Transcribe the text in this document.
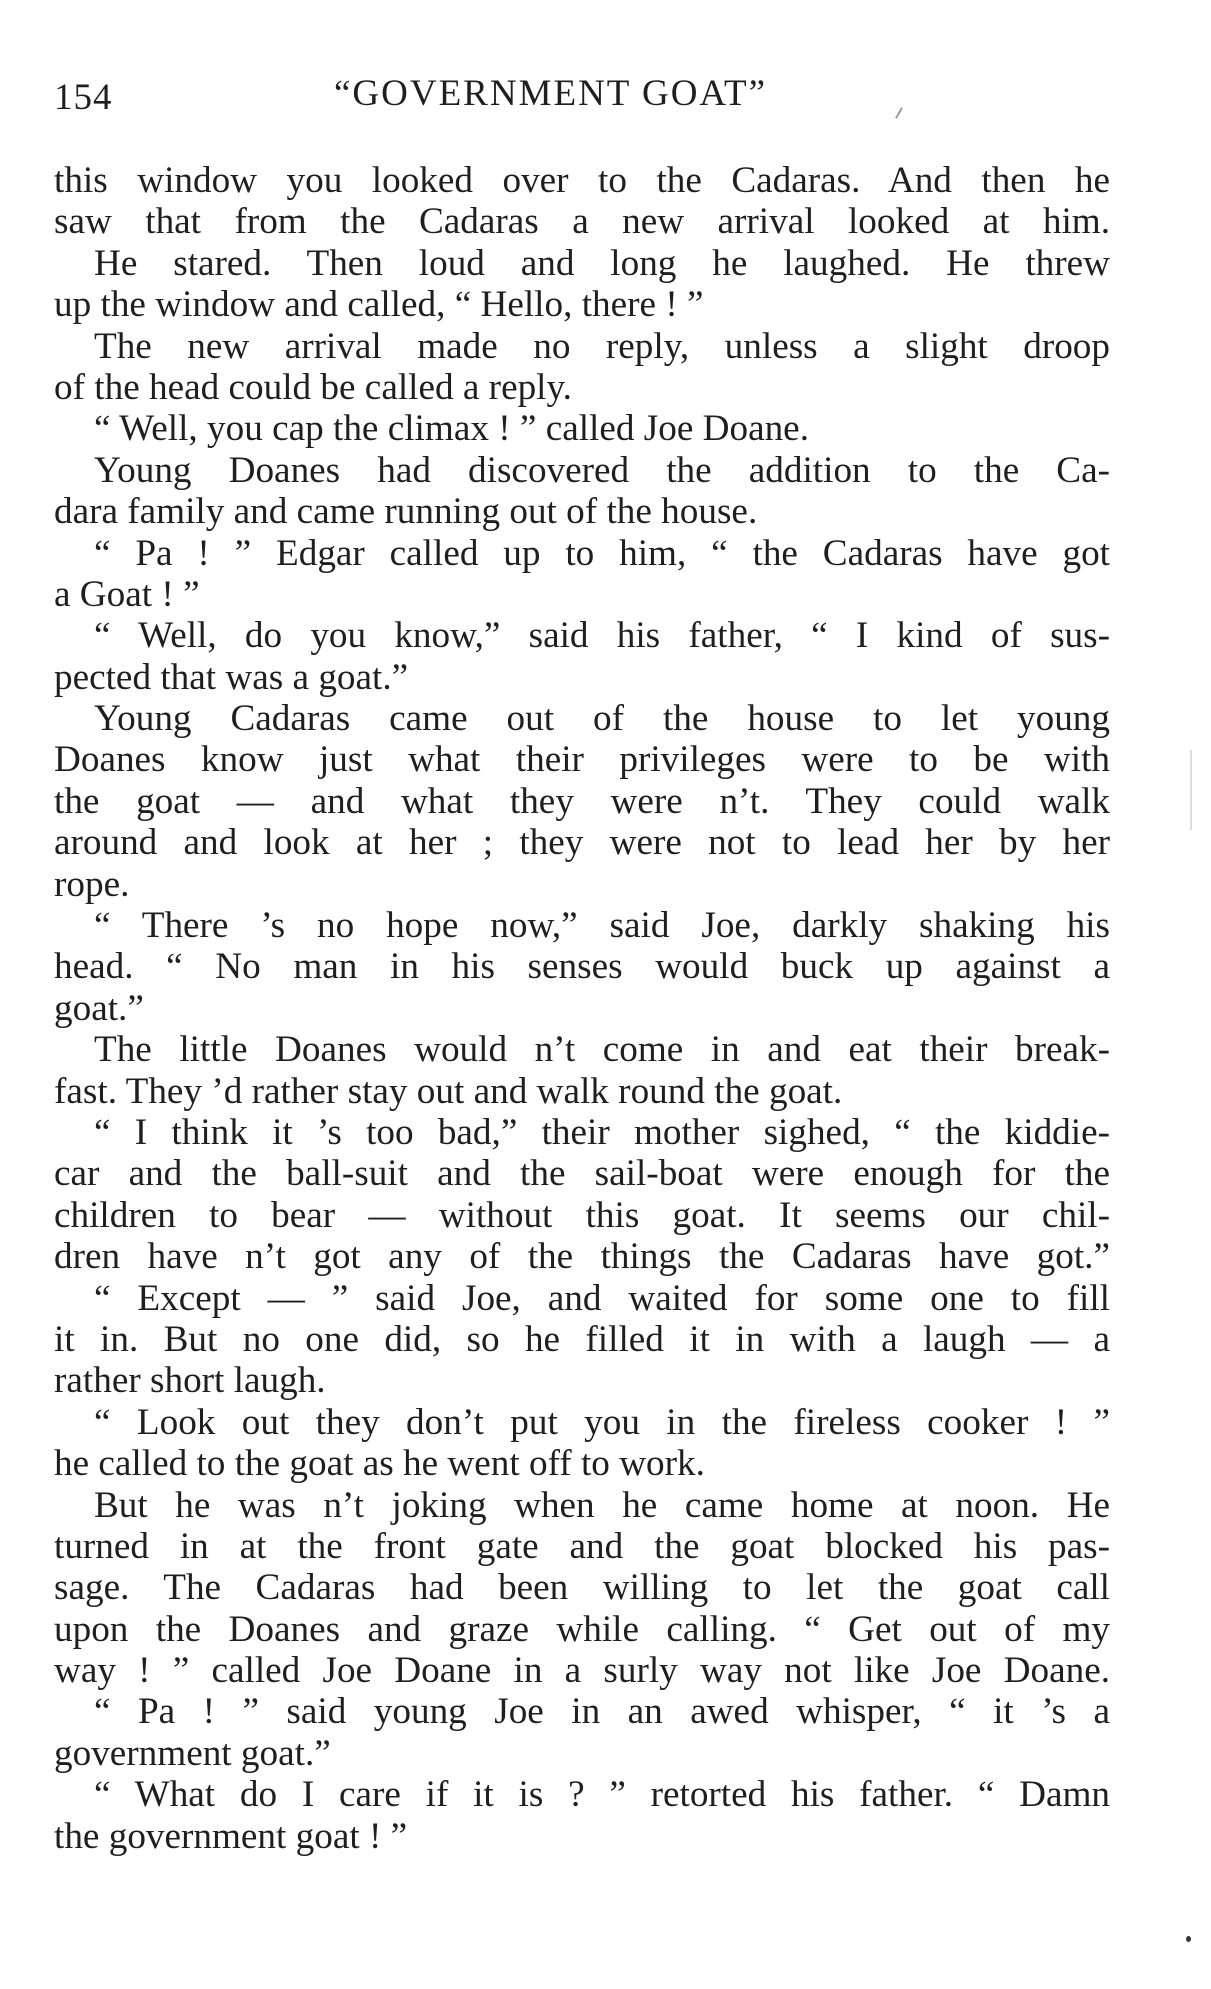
154	“GOVERNMENT GOAT”
this window you looked over to the Cadaras. And then he
saw that from the Cadaras a new arrival looked at him.
He stared. Then loud and long he laughed. He threw
up the window and called, “ Hello, there ! ”
The new arrival made no reply, unless a slight droop
of the head could be called a reply.
“ Well, you cap the climax ! ” called Joe Doane.
Young Doanes had discovered the addition to the Ca-
dara family and came running out of the house.
“ Pa ! ” Edgar called up to him, “ the Cadaras have got
a Goat ! ”
“ Well, do you know,” said his father, “ I kind of sus-
pected that was a goat.”
Young Cadaras came out of the house to let young
Doanes know just what their privileges were to be with
the goat — and what they were n’t. They could walk
around and look at her ; they were not to lead her by her
rope.
“ There ’s no hope now,” said Joe, darkly shaking his
head. “ No man in his senses would buck up against a
goat.”
The little Doanes would n’t come in and eat their break-
fast. They ’d rather stay out and walk round the goat.
“ I think it ’s too bad,” their mother sighed, “ the kiddie-
car and the ball-suit and the sail-boat were enough for the
children to bear — without this goat. It seems our chil-
dren have n’t got any of the things the Cadaras have got.”
“ Except — ” said Joe, and waited for some one to fill
it in. But no one did, so he filled it in with a laugh — a
rather short laugh.
“ Look out they don’t put you in the fireless cooker ! ”
he called to the goat as he went off to work.
But he was n’t joking when he came home at noon. He
turned in at the front gate and the goat blocked his pas-
sage. The Cadaras had been willing to let the goat call
upon the Doanes and graze while calling. “ Get out of my
way ! ” called Joe Doane in a surly way not like Joe Doane.
“ Pa ! ” said young Joe in an awed whisper, “ it ’s a
government goat.”
“ What do I care if it is ? ” retorted his father. “ Damn
the government goat ! ”
